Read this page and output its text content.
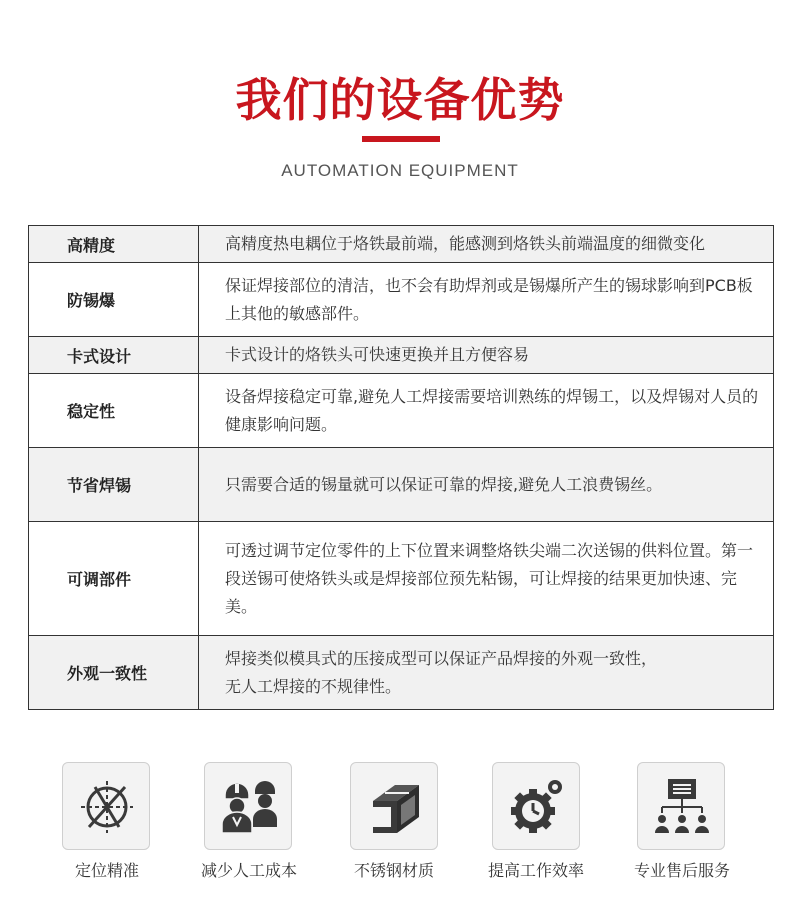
我们的设备优势
AUTOMATION EQUIPMENT
高精度	高精度热电耦位于烙铁最前端，能感测到烙铁头前端温度的细微变化
防锡爆	保证焊接部位的清洁，也不会有助焊剂或是锡爆所产生的锡球影响到PCB板上其他的敏感部件。
卡式设计	卡式设计的烙铁头可快速更换并且方便容易
稳定性	设备焊接稳定可靠,避免人工焊接需要培训熟练的焊锡工，以及焊锡对人员的健康影响问题。
节省焊锡	只需要合适的锡量就可以保证可靠的焊接,避免人工浪费锡丝。
可调部件	可透过调节定位零件的上下位置来调整烙铁尖端二次送锡的供料位置。第一段送锡可使烙铁头或是焊接部位预先粘锡，可让焊接的结果更加快速、完美。
外观一致性	焊接类似模具式的压接成型可以保证产品焊接的外观一致性，
无人工焊接的不规律性。
定位精准	减少人工成本	不锈钢材质	提高工作效率	专业售后服务
